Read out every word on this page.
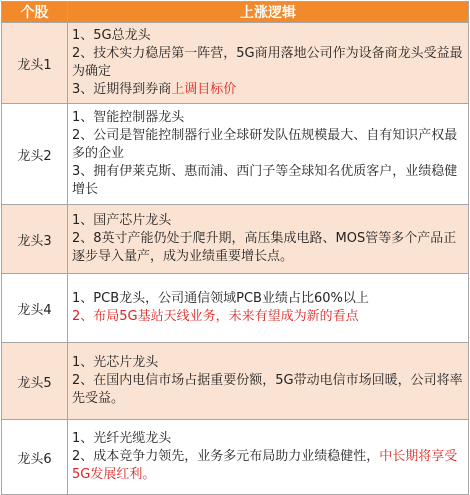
个股	上涨逻辑
龙头1	1、5G总龙头
2、技术实力稳居第一阵营，5G商用落地公司作为设备商龙头受益最为确定
3、近期得到券商上调目标价

龙头2	1、智能控制器龙头
2、公司是智能控制器行业全球研发队伍规模最大、自有知识产权最多的企业
3、拥有伊莱克斯、惠而浦、西门子等全球知名优质客户，业绩稳健增长

龙头3	1、国产芯片龙头
2、8英寸产能仍处于爬升期，高压集成电路、MOS管等多个产品正逐步导入量产，成为业绩重要增长点。

龙头4	1、PCB龙头，公司通信领域PCB业绩占比60%以上
2、布局5G基站天线业务，未来有望成为新的看点

龙头5	1、光芯片龙头
2、在国内电信市场占据重要份额，5G带动电信市场回暖，公司将率先受益。

龙头6	1、光纤光缆龙头
2、成本竞争力领先，业务多元布局助力业绩稳健性，中长期将享受5G发展红利。
